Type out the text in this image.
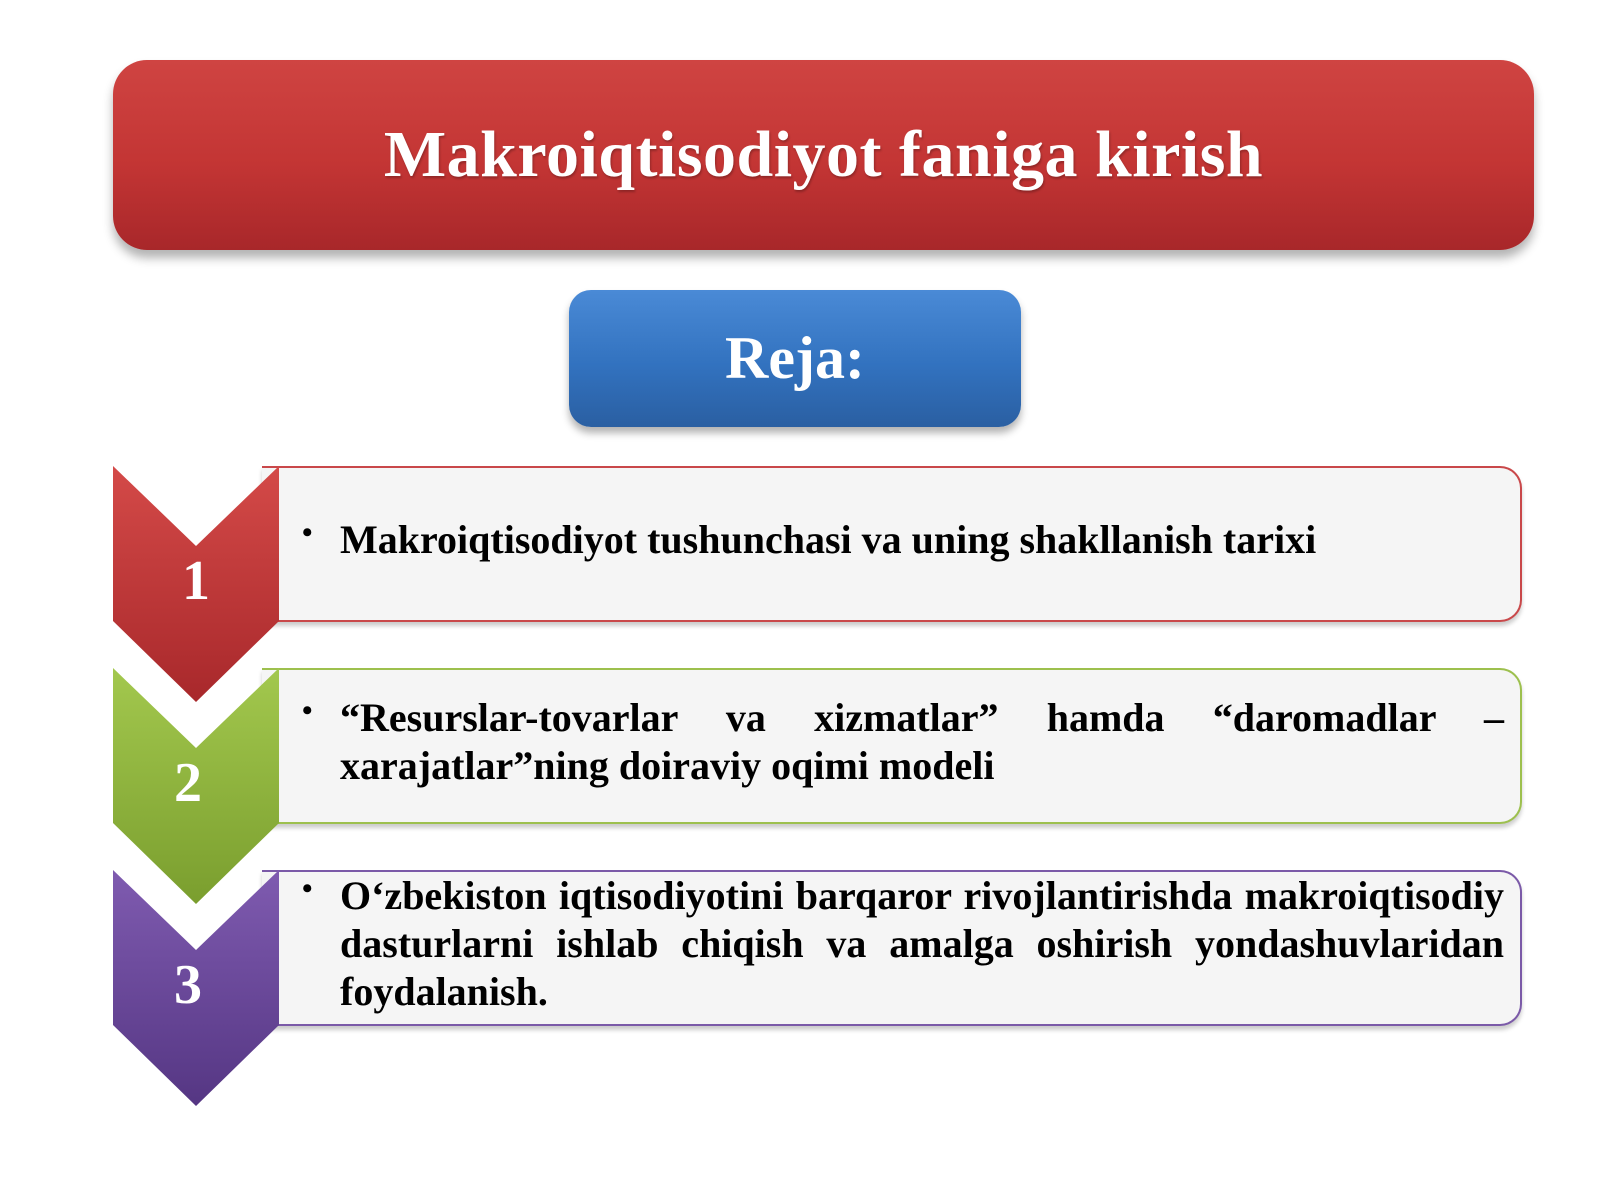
Makroiqtisodiyot faniga kirish
Reja:
• Makroiqtisodiyot tushunchasi va uning shakllanish tarixi
• “Resurslar-tovarlar va xizmatlar” hamda “daromadlar – xarajatlar”ning doiraviy oqimi modeli
• O‘zbekiston iqtisodiyotini barqaror rivojlantirishda makroiqtisodiy dasturlarni ishlab chiqish va amalga oshirish yondashuvlaridan foydalanish.
1
2
3
